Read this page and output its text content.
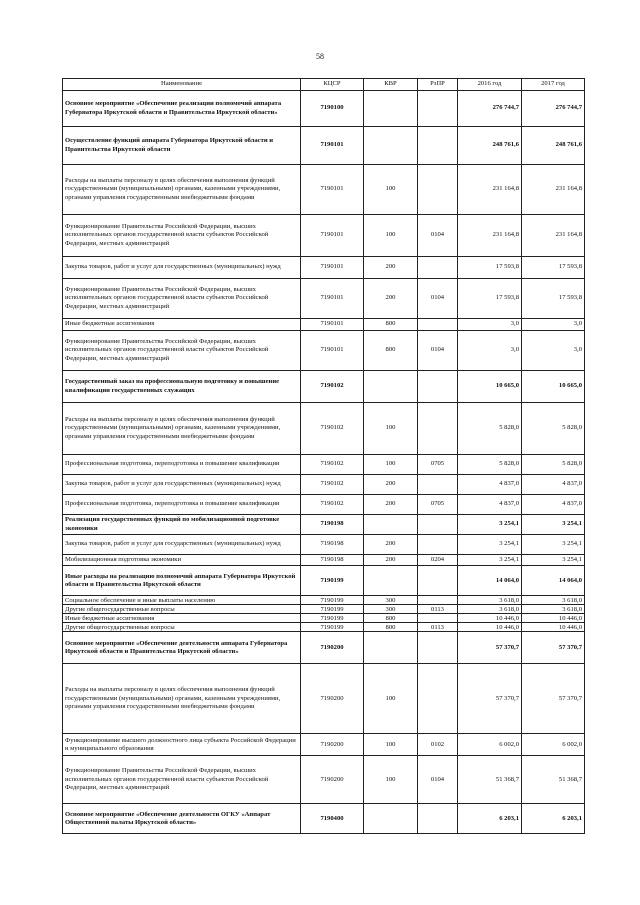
58
Наименование	КЦСР	КВР	РзПР	2016 год	2017 год
Основное мероприятие «Обеспечение реализации полномочий аппарата Губернатора Иркутской области и Правительства Иркутской области»	7190100			276 744,7	276 744,7
Осуществление функций аппарата Губернатора Иркутской области и Правительства Иркутской области	7190101			248 761,6	248 761,6
Расходы на выплаты персоналу в целях обеспечения выполнения функций государственными (муниципальными) органами, казенными учреждениями, органами управления государственными внебюджетными фондами	7190101	100		231 164,8	231 164,8
Функционирование Правительства Российской Федерации, высших исполнительных органов государственной власти субъектов Российской Федерации, местных администраций	7190101	100	0104	231 164,8	231 164,8
Закупка товаров, работ и услуг для государственных (муниципальных) нужд	7190101	200		17 593,8	17 593,8
Функционирование Правительства Российской Федерации, высших исполнительных органов государственной власти субъектов Российской Федерации, местных администраций	7190101	200	0104	17 593,8	17 593,8
Иные бюджетные ассигнования	7190101	800		3,0	3,0
Функционирование Правительства Российской Федерации, высших исполнительных органов государственной власти субъектов Российской Федерации, местных администраций	7190101	800	0104	3,0	3,0
Государственный заказ на профессиональную подготовку и повышение квалификации государственных служащих	7190102			10 665,0	10 665,0
Расходы на выплаты персоналу в целях обеспечения выполнения функций государственными (муниципальными) органами, казенными учреждениями, органами управления государственными внебюджетными фондами	7190102	100		5 828,0	5 828,0
Профессиональная подготовка, переподготовка и повышение квалификации	7190102	100	0705	5 828,0	5 828,0
Закупка товаров, работ и услуг для государственных (муниципальных) нужд	7190102	200		4 837,0	4 837,0
Профессиональная подготовка, переподготовка и повышение квалификации	7190102	200	0705	4 837,0	4 837,0
Реализация государственных функций по мобилизационной подготовке экономики	7190198			3 254,1	3 254,1
Закупка товаров, работ и услуг для государственных (муниципальных) нужд	7190198	200		3 254,1	3 254,1
Мобилизационная подготовка экономики	7190198	200	0204	3 254,1	3 254,1
Иные расходы на реализацию полномочий аппарата Губернатора Иркутской области и Правительства Иркутской области	7190199			14 064,0	14 064,0
Социальное обеспечение и иные выплаты населению	7190199	300		3 618,0	3 618,0
Другие общегосударственные вопросы	7190199	300	0113	3 618,0	3 618,0
Иные бюджетные ассигнования	7190199	800		10 446,0	10 446,0
Другие общегосударственные вопросы	7190199	800	0113	10 446,0	10 446,0
Основное мероприятие «Обеспечение деятельности аппарата Губернатора Иркутской области и Правительства Иркутской области»	7190200			57 370,7	57 370,7
Расходы на выплаты персоналу в целях обеспечения выполнения функций государственными (муниципальными) органами, казенными учреждениями, органами управления государственными внебюджетными фондами	7190200	100		57 370,7	57 370,7
Функционирование высшего должностного лица субъекта Российской Федерации и муниципального образования	7190200	100	0102	6 002,0	6 002,0
Функционирование Правительства Российской Федерации, высших исполнительных органов государственной власти субъектов Российской Федерации, местных администраций	7190200	100	0104	51 368,7	51 368,7
Основное мероприятие «Обеспечение деятельности ОГКУ «Аппарат Общественной палаты Иркутской области»	7190400			6 203,1	6 203,1
